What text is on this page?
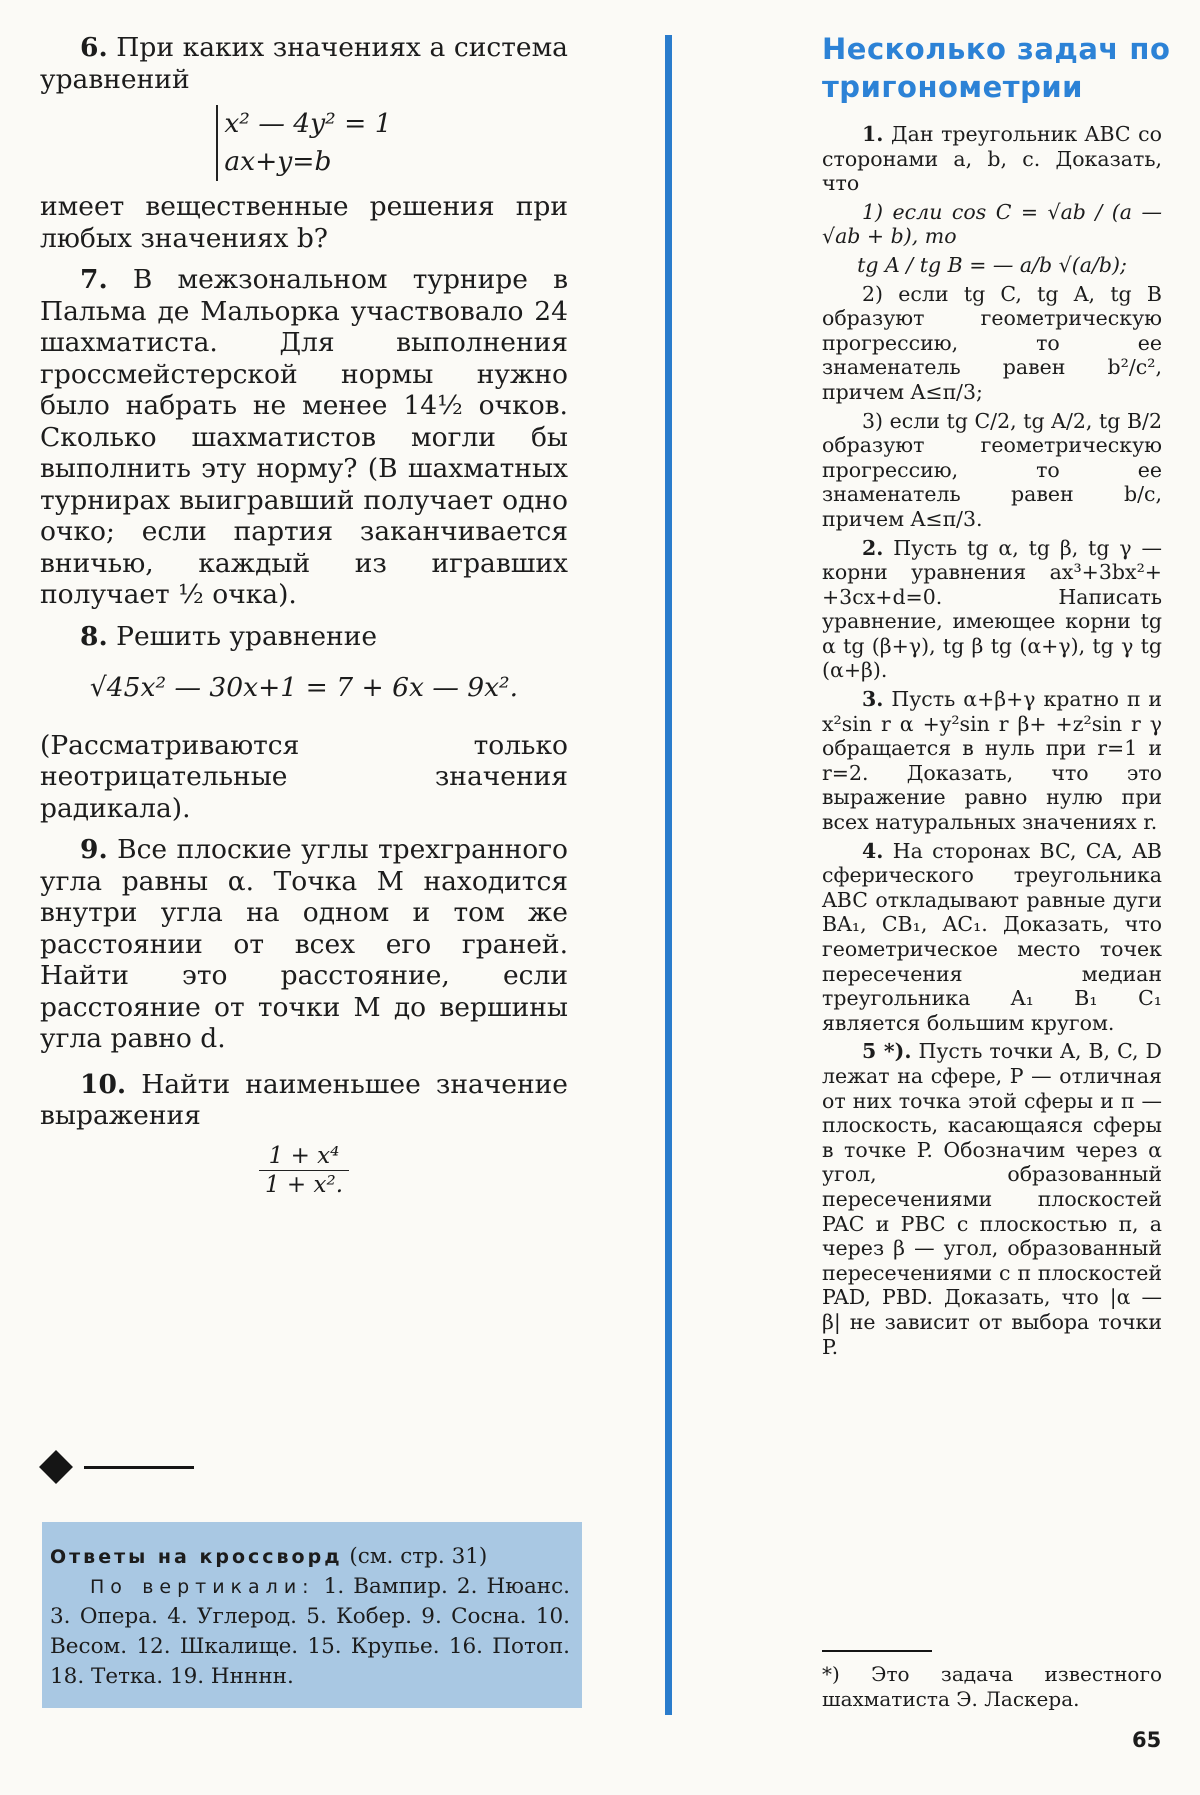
6. При каких значениях a система уравнений

x² — 4y² = 1
ax+y=b

имеет вещественные решения при любых значениях b?

7. В межзональном турнире в Пальма де Мальорка участвовало 24 шахматиста. Для выполнения гроссмейстерской нормы нужно было набрать не менее 14½ очков. Сколько шахматистов могли бы выполнить эту норму? (В шахматных турнирах выигравший получает одно очко; если партия заканчивается вничью, каждый из игравших получает ½ очка).

8. Решить уравнение

√45x² — 30x+1 = 7 + 6x — 9x².

(Рассматриваются только неотрицательные значения радикала).

9. Все плоские углы трехгранного угла равны α. Точка M находится внутри угла на одном и том же расстоянии от всех его граней. Найти это расстояние, если расстояние от точки M до вершины угла равно d.

10. Найти наименьшее значение выражения

$\frac{\text{1 + x⁴}}{\text{1 + x².}}$
Несколько задач по тригонометрии

1. Дан треугольник ABC со сторонами a, b, c. Доказать, что

1) если cos C = √ab / (a — √ab + b), то

tg A / tg B = — a/b √(a/b);

2) если tg C, tg A, tg B образуют геометрическую прогрессию, то ее знаменатель равен b²/c², причем A≤π/3;

3) если tg C/2, tg A/2, tg B/2 образуют геометрическую прогрессию, то ее знаменатель равен b/c, причем A≤π/3.

2. Пусть tg α, tg β, tg γ — корни уравнения ax³+3bx²+ +3cx+d=0. Написать уравнение, имеющее корни tg α tg (β+γ), tg β tg (α+γ), tg γ tg (α+β).

3. Пусть α+β+γ кратно π и x²sin r α +y²sin r β+ +z²sin r γ обращается в нуль при r=1 и r=2. Доказать, что это выражение равно нулю при всех натуральных значениях r.

4. На сторонах BC, CA, AB сферического треугольника ABC откладывают равные дуги BA₁, CB₁, AC₁. Доказать, что геометрическое место точек пересечения медиан треугольника A₁ B₁ C₁ является большим кругом.

5 *). Пусть точки A, B, C, D лежат на сфере, P — отличная от них точка этой сферы и π — плоскость, касающаяся сферы в точке P. Обозначим через α угол, образованный пересечениями плоскостей PAC и PBC с плоскостью π, а через β — угол, образованный пересечениями с π плоскостей PAD, PBD. Доказать, что |α — β| не зависит от выбора точки P.

Ответы на кроссворд (см. стр. 31)
По вертикали: 1. Вампир. 2. Нюанс. 3. Опера. 4. Углерод. 5. Кобер. 9. Сосна. 10. Весом. 12. Шкалище. 15. Крупье. 16. Потоп. 18. Тетка. 19. Ннннн.	*) Это задача известного шахматиста Э. Ласкера.
65
